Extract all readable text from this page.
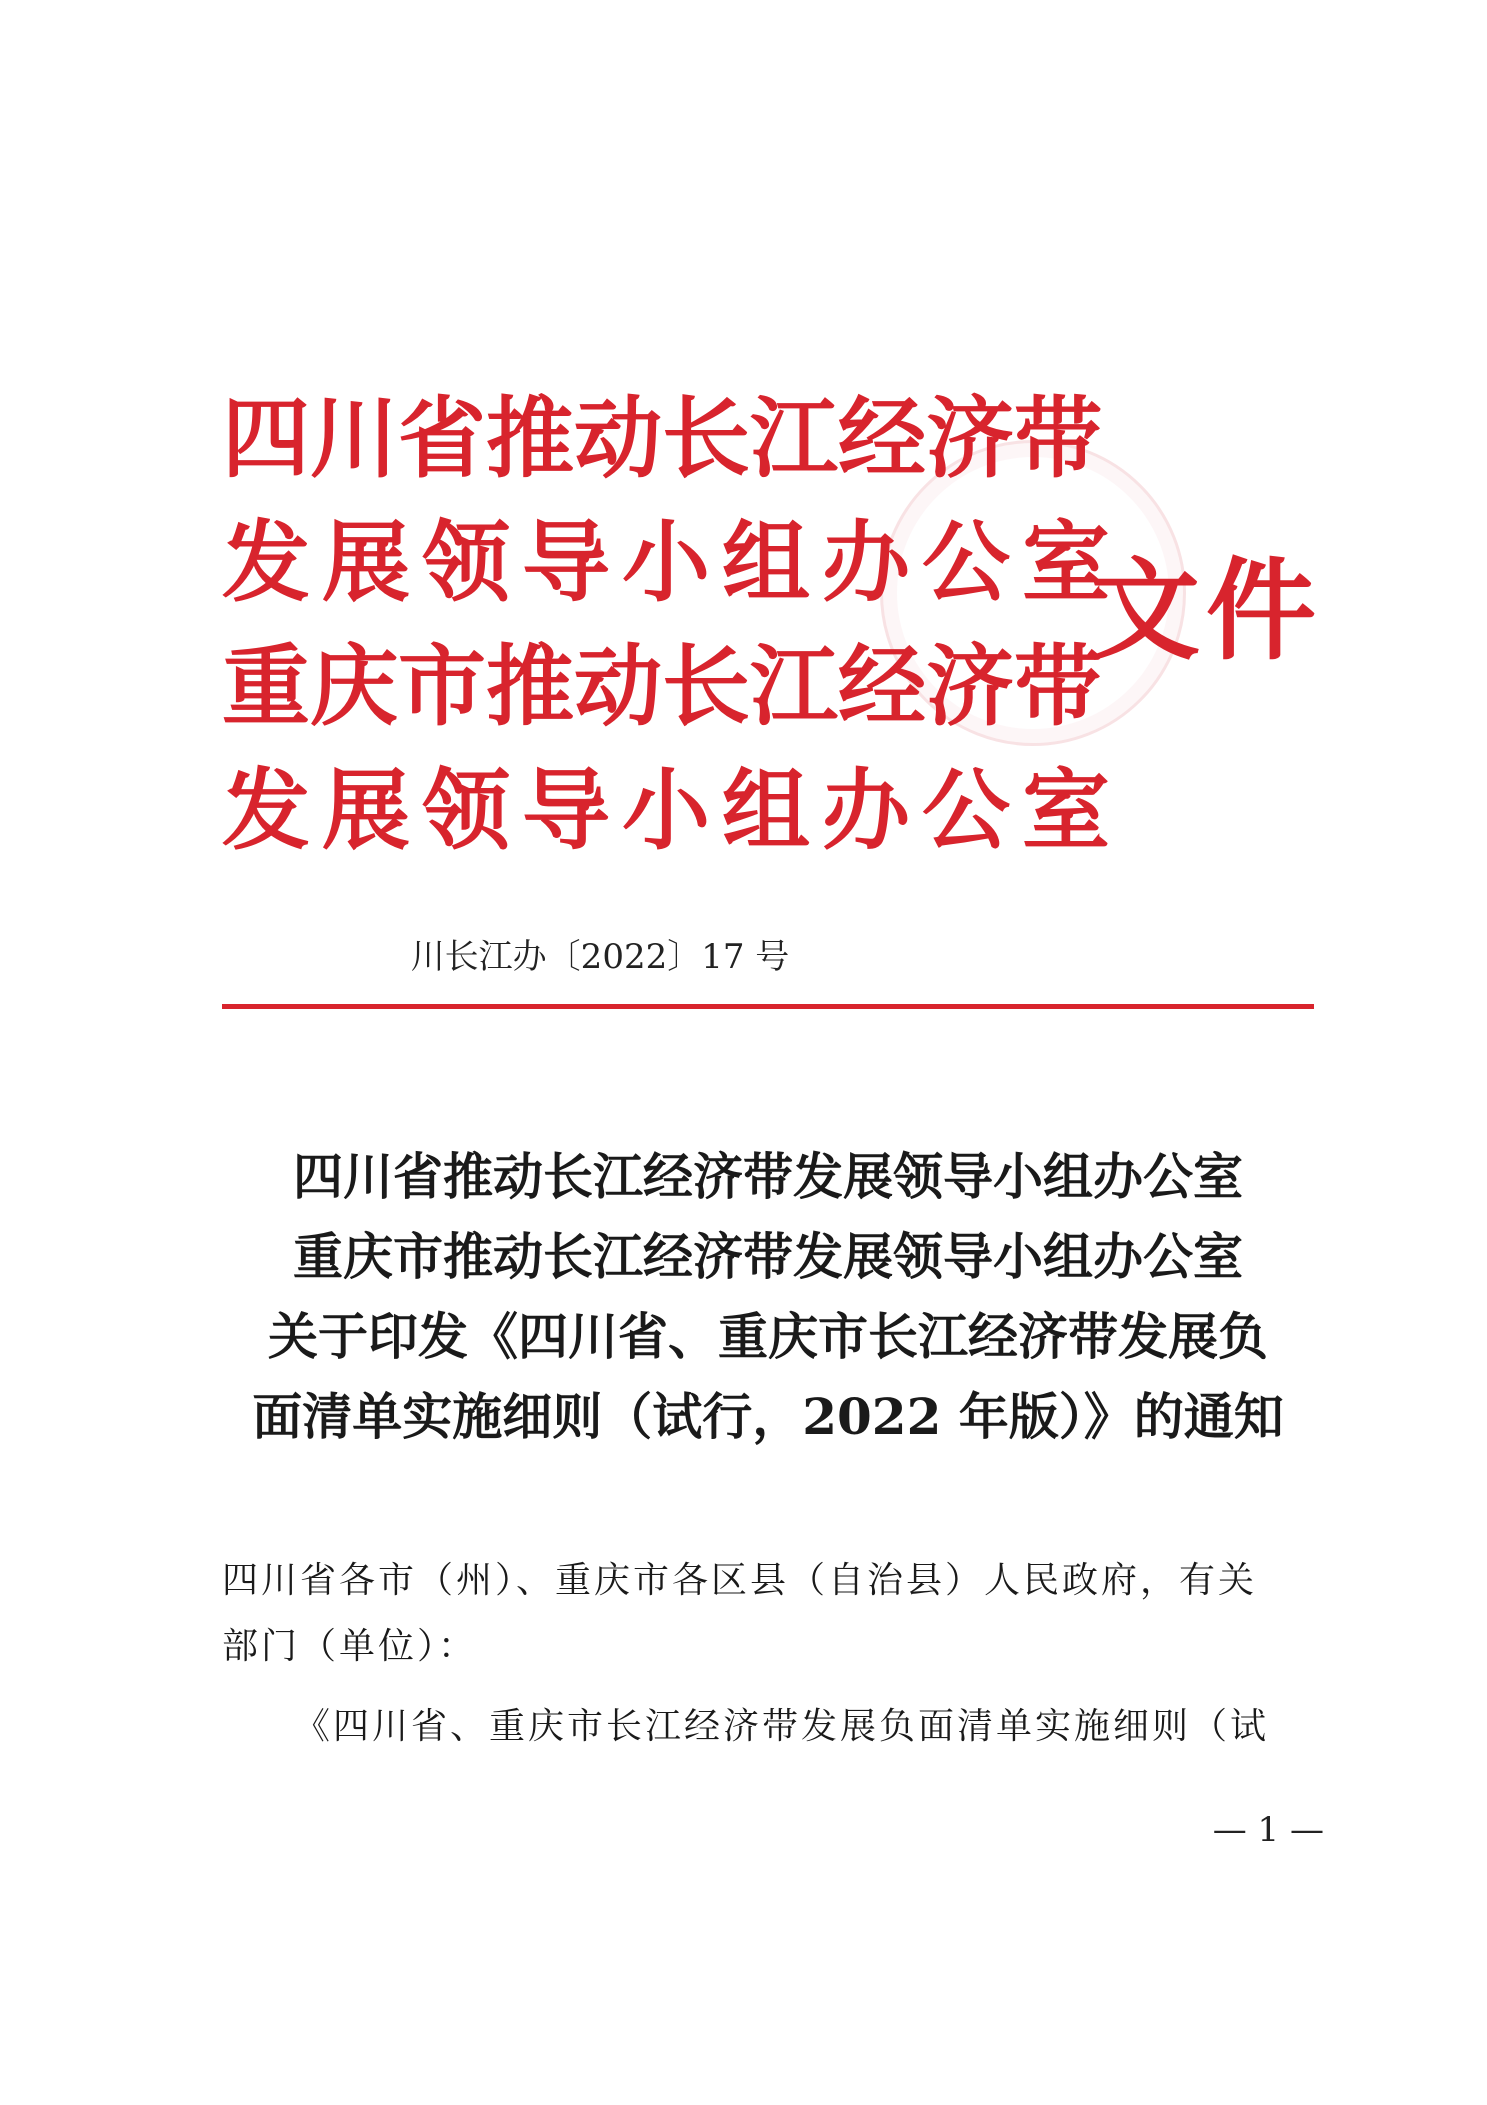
四川省推动长江经济带
发展领导小组办公室
重庆市推动长江经济带
发展领导小组办公室
文件
川长江办〔2022〕17 号
四川省推动长江经济带发展领导小组办公室
重庆市推动长江经济带发展领导小组办公室
关于印发《四川省、重庆市长江经济带发展负
面清单实施细则（试行，2022 年版）》的通知
四川省各市（州）、重庆市各区县（自治县）人民政府，有关
部门（单位）：
《四川省、重庆市长江经济带发展负面清单实施细则（试
— 1 —
